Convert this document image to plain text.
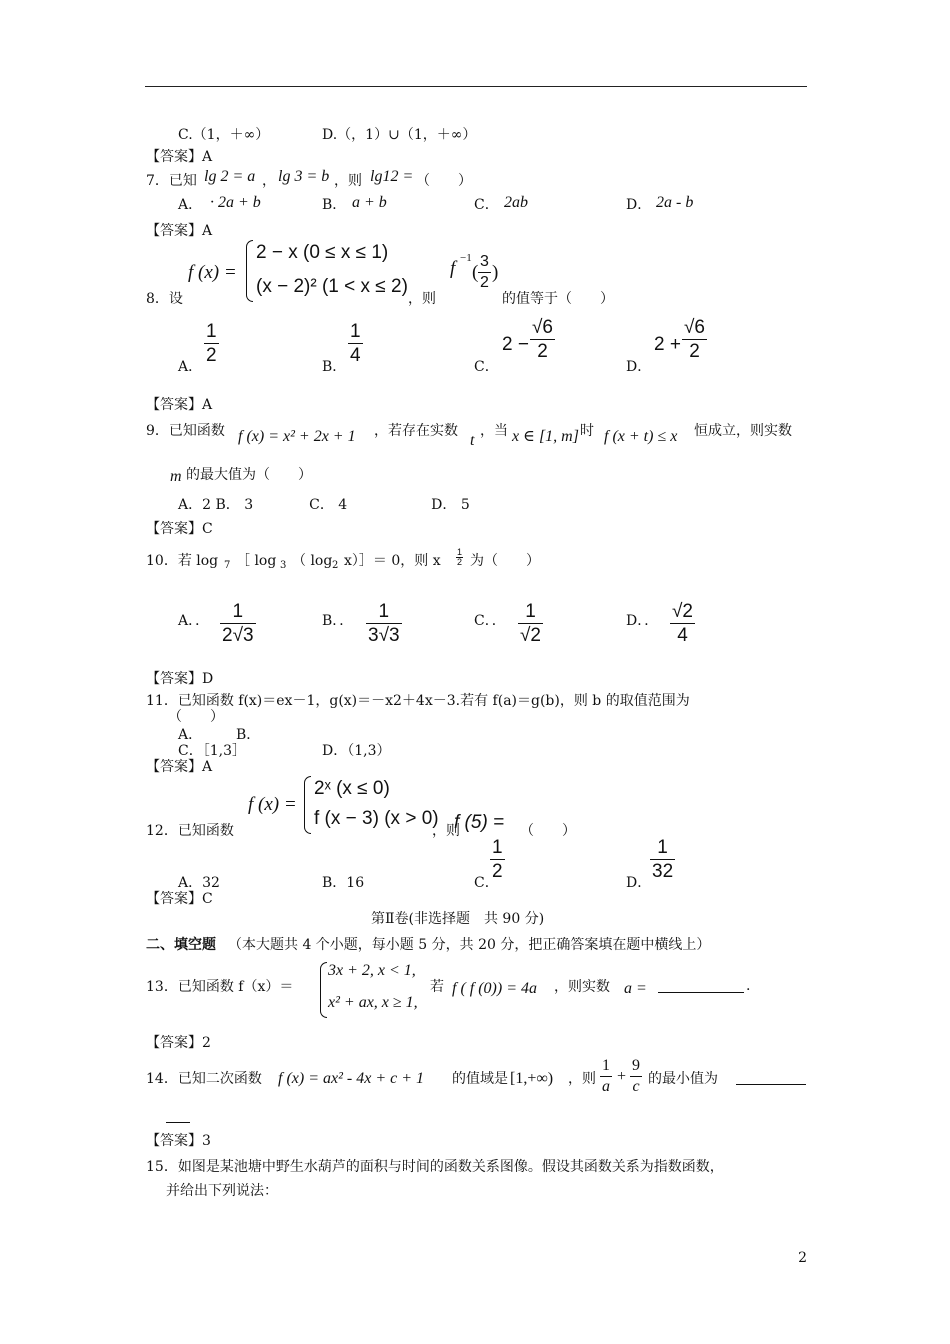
C.（1，＋∞）	D.（，1）∪（1，＋∞）
【答案】A
7．已知 lg 2 = a ， lg 3 = b ，则 lg12 = （　　）
A． · 2a + b	B． a + b	C． 2ab	D． 2a - b
【答案】A
8．设
f (x) =
2 − x (0 ≤ x ≤ 1)
(x − 2)² (1 < x ≤ 2)
，则
f −1
(
3
2 )
的值等于（　　）
A．
1
2
B．
1
4
C．
2 −
√6
2
D．
2 +
√6
2
【答案】A
9．已知函数 f (x) = x² + 2x + 1 ，若存在实数
t
，当 x ∈ [1, m] 时 f (x + t) ≤ x 恒成立，则实数
m 的最大值为（　　）
A．2 B． 3　　　　C． 4　　　　　　D． 5
【答案】C
10．若 log 7 ［ log 3 （ log 2 x）］＝ 0，则 x
1
2 为（　　）
A．． 1
2√3
B．． 1
3√3
C．． 1
√2
D．． √2
4
【答案】D
11．已知函数 f(x)＝ex－1，g(x)＝－x2＋4x－3.若有 f(a)＝g(b)，则 b 的取值范围为
（　　）
A． B．
C．［1,3］	D．（1,3）
【答案】A
12．已知函数
f (x) =
2ˣ (x ≤ 0)
f (x − 3) (x > 0)
，则
f (5) = （　　）
A．32	B．16	C．
1
2
D．
1
32
【答案】C
第Ⅱ卷(非选择题　共 90 分)
二、填空题 （本大题共 4 个小题，每小题 5 分，共 20 分，把正确答案填在题中横线上）
13．已知函数 f（x）＝
3x + 2, x < 1,
x² + ax, x ≥ 1,
若 f ( f (0)) = 4a ，则实数 a =	.
【答案】2
14．已知二次函数 f (x) = ax² - 4x + c + 1 的值域是 [1,+∞) ，则
1
a
+
9
c 的最小值为
【答案】3
15．如图是某池塘中野生水葫芦的面积与时间的函数关系图像。假设其函数关系为指数函数，
并给出下列说法：
2
